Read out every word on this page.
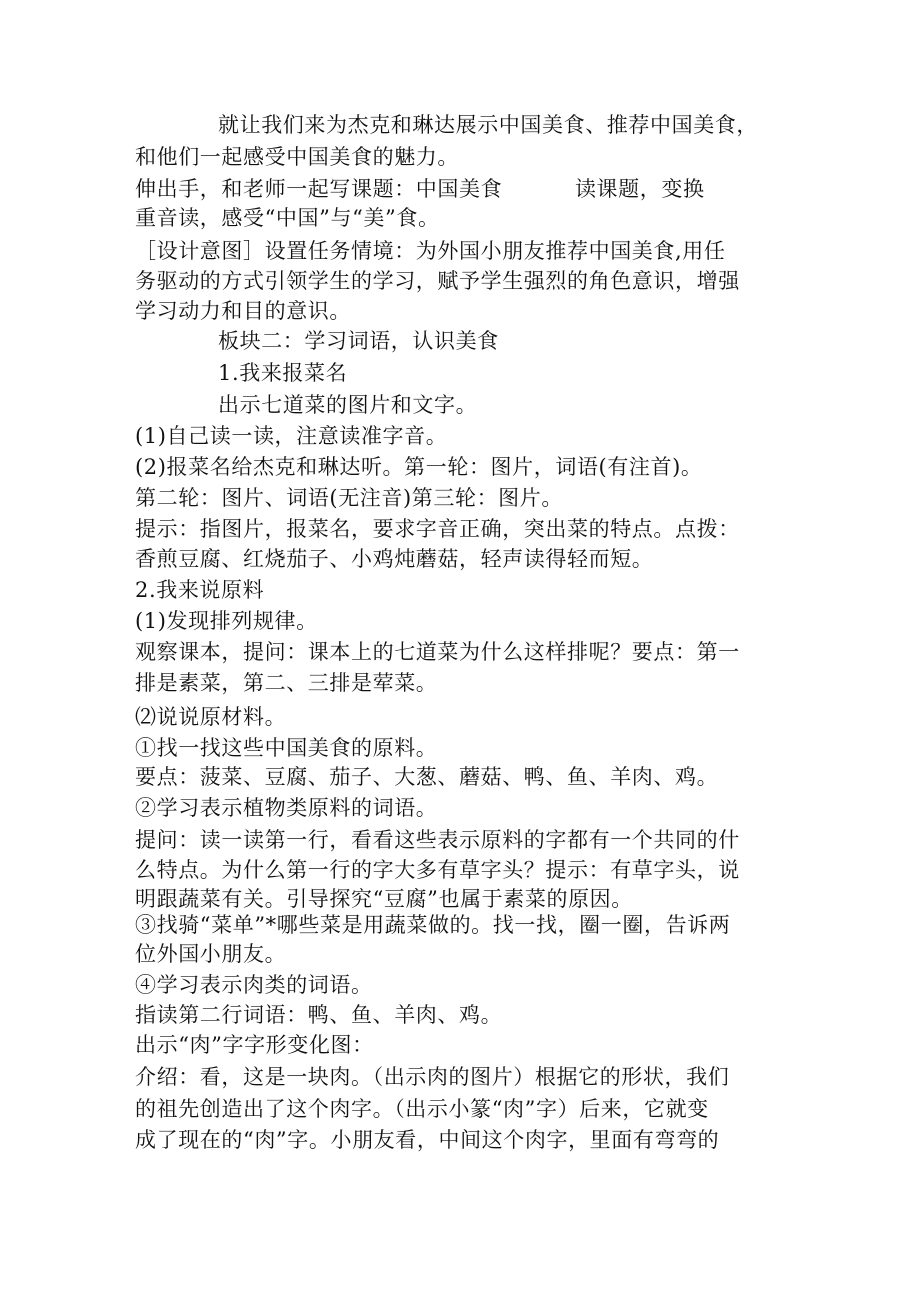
就让我们来为杰克和琳达展示中国美食、推荐中国美食，
和他们一起感受中国美食的魅力。
伸出手，和老师一起写课题：中国美食          读课题，变换
重音读，感受“中国”与“美”食。
［设计意图］设置任务情境：为外国小朋友推荐中国美食,用任
务驱动的方式引领学生的学习，赋予学生强烈的角色意识，增强
学习动力和目的意识。
板块二：学习词语，认识美食
1.我来报菜名
出示七道菜的图片和文字。
(1)自己读一读，注意读准字音。
(2)报菜名给杰克和琳达听。第一轮：图片，词语(有注首)。
第二轮：图片、词语(无注音)第三轮：图片。
提示：指图片，报菜名，要求字音正确，突出菜的特点。点拨：
香煎豆腐、红烧茄子、小鸡炖蘑菇，轻声读得轻而短。
2.我来说原料
(1)发现排列规律。
观察课本，提问：课本上的七道菜为什么这样排呢？要点：第一
排是素菜，第二、三排是荤菜。
⑵说说原材料。
①找一找这些中国美食的原料。
要点：菠菜、豆腐、茄子、大葱、蘑菇、鸭、鱼、羊肉、鸡。
②学习表示植物类原料的词语。
提问：读一读第一行，看看这些表示原料的字都有一个共同的什
么特点。为什么第一行的字大多有草字头？提示：有草字头，说
明跟蔬菜有关。引导探究“豆腐”也属于素菜的原因。
③找骑“菜单”*哪些菜是用蔬菜做的。找一找，圈一圈，告诉两
位外国小朋友。
④学习表示肉类的词语。
指读第二行词语：鸭、鱼、羊肉、鸡。
出示“肉”字字形变化图：
介绍：看，这是一块肉。（出示肉的图片）根据它的形状，我们
的祖先创造出了这个肉字。（出示小篆“肉”字）后来，它就变
成了现在的“肉”字。小朋友看，中间这个肉字，里面有弯弯的
